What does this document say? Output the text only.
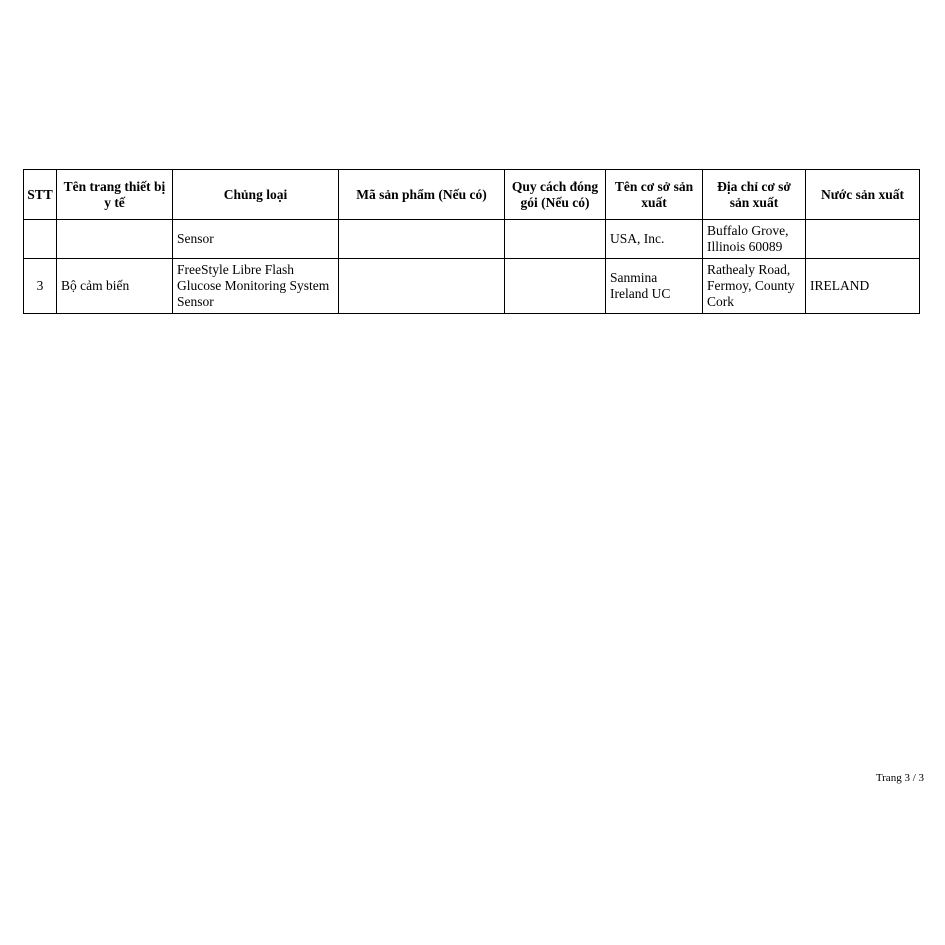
STT	Tên trang thiết bị y tế	Chủng loại	Mã sản phẩm (Nếu có)	Quy cách đóng gói (Nếu có)	Tên cơ sở sản xuất	Địa chỉ cơ sở sản xuất	Nước sản xuất
		Sensor			USA, Inc.	Buffalo Grove, Illinois 60089	
3	Bộ cảm biến	FreeStyle Libre Flash Glucose Monitoring System Sensor			Sanmina Ireland UC	Rathealy Road, Fermoy, County Cork	IRELAND
Trang 3 / 3
